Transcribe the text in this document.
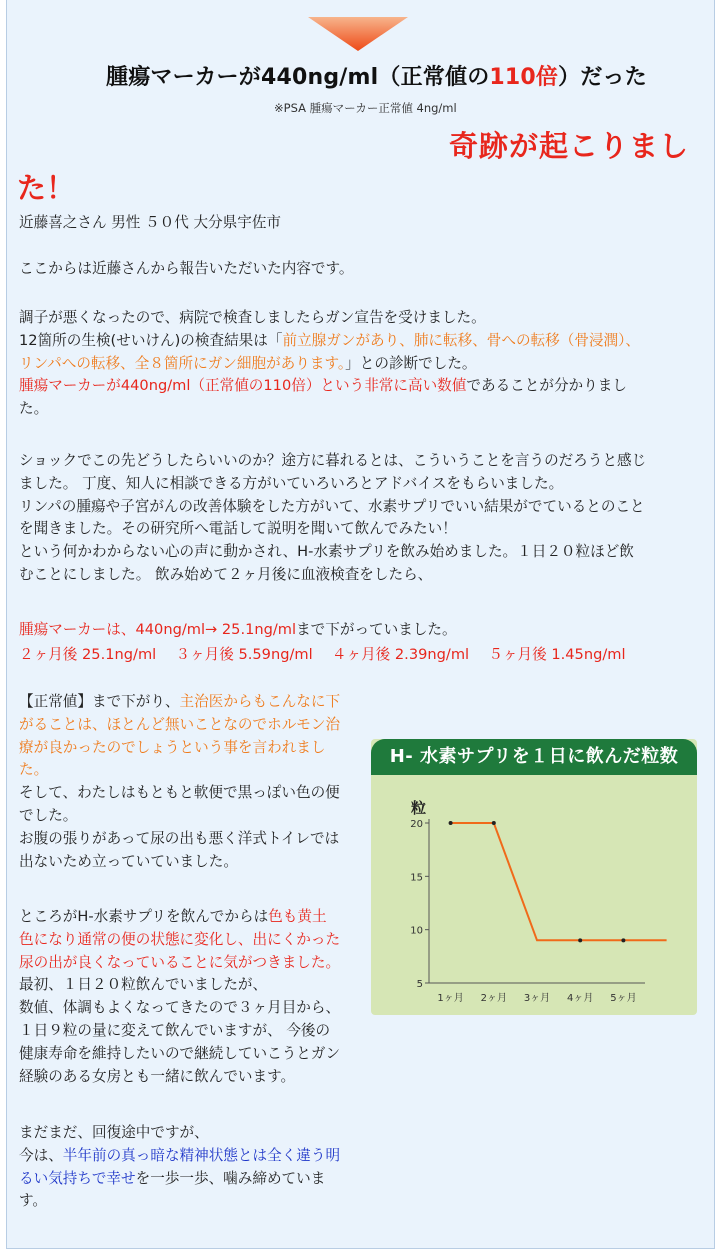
腫瘍マーカーが440ng/ml（正常値の110倍）だった
※PSA 腫瘍マーカー正常値 4ng/ml
奇跡が起こりまし
た！
近藤喜之さん 男性 ５０代 大分県宇佐市
ここからは近藤さんから報告いただいた内容です。

調子が悪くなったので、病院で検査しましたらガン宣告を受けました。

12箇所の生検(せいけん)の検査結果は「前立腺ガンがあり、肺に転移、骨への転移（骨浸潤）、

リンパへの転移、全８箇所にガン細胞があります。」との診断でした。

腫瘍マーカーが440ng/ml（正常値の110倍）という非常に高い数値であることが分かりまし

た。

ショックでこの先どうしたらいいのか？途方に暮れるとは、こういうことを言うのだろうと感じ

ました。 丁度、知人に相談できる方がいていろいろとアドバイスをもらいました。

リンパの腫瘍や子宮がんの改善体験をした方がいて、水素サプリでいい結果がでているとのこと

を聞きました。その研究所へ電話して説明を聞いて飲んでみたい！

という何かわからない心の声に動かされ、H-水素サプリを飲み始めました。１日２０粒ほど飲

むことにしました。 飲み始めて２ヶ月後に血液検査をしたら、

腫瘍マーカーは、440ng/ml→ 25.1ng/mlまで下がっていました。

２ヶ月後 25.1ng/ml　 ３ヶ月後 5.59ng/ml　 ４ヶ月後 2.39ng/ml　 ５ヶ月後 1.45ng/ml

【正常値】まで下がり、主治医からもこんなに下

がることは、ほとんど無いことなのでホルモン治

療が良かったのでしょうという事を言われまし

た。

そして、わたしはもともと軟便で黒っぽい色の便

でした。

お腹の張りがあって尿の出も悪く洋式トイレでは

出ないため立っていていました。

ところがH-水素サプリを飲んでからは色も黄土

色になり通常の便の状態に変化し、出にくかった

尿の出が良くなっていることに気がつきました。

最初、１日２０粒飲んでいましたが、

数値、体調もよくなってきたので３ヶ月目から、

１日９粒の量に変えて飲んでいますが、 今後の

健康寿命を維持したいので継続していこうとガン

経験のある女房とも一緒に飲んでいます。

まだまだ、回復途中ですが、

今は、半年前の真っ暗な精神状態とは全く違う明

るい気持ちで幸せを一歩一歩、噛み締めていま

す。

H- 水素サプリを１日に飲んだ粒数
粒
5
10
15
20
1ヶ月 2ヶ月 3ヶ月 4ヶ月 5ヶ月
